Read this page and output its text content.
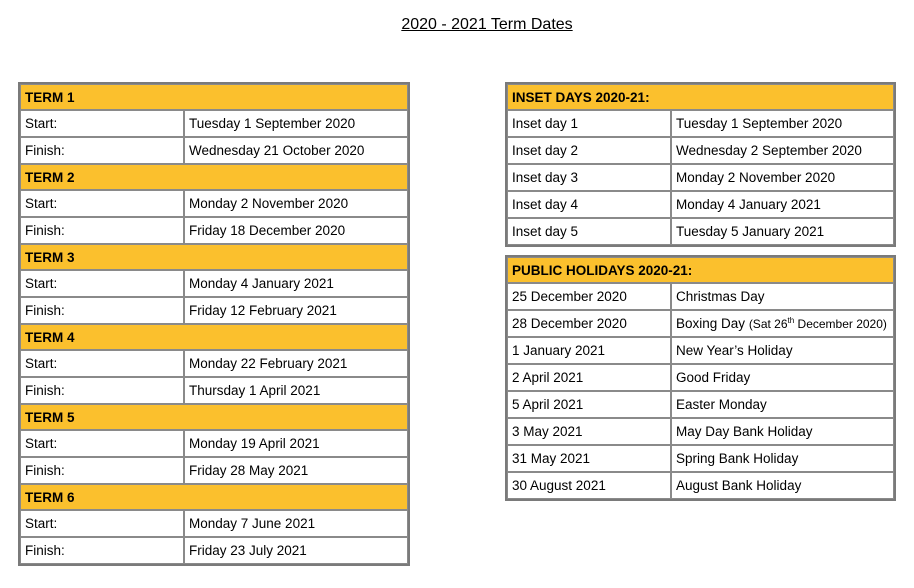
2020 - 2021 Term Dates
TERM 1	
Start:	Tuesday 1 September 2020
Finish:	Wednesday 21 October 2020
TERM 2	
Start:	Monday 2 November 2020
Finish:	Friday 18 December 2020
TERM 3	
Start:	Monday 4 January 2021
Finish:	Friday 12 February 2021
TERM 4	
Start:	Monday 22 February 2021
Finish:	Thursday 1 April 2021
TERM 5	
Start:	Monday 19 April 2021
Finish:	Friday 28 May 2021
TERM 6	
Start:	Monday 7 June 2021
Finish:	Friday 23 July 2021
INSET DAYS 2020-21:	
Inset day 1	Tuesday 1 September 2020
Inset day 2	Wednesday 2 September 2020
Inset day 3	Monday 2 November 2020
Inset day 4	Monday 4 January 2021
Inset day 5	Tuesday 5 January 2021
PUBLIC HOLIDAYS 2020-21:	
25 December 2020	Christmas Day
28 December 2020	Boxing Day (Sat 26th December 2020)
1 January 2021	New Year’s Holiday
2 April 2021	Good Friday
5 April 2021	Easter Monday
3 May 2021	May Day Bank Holiday
31 May 2021	Spring Bank Holiday
30 August 2021	August Bank Holiday
